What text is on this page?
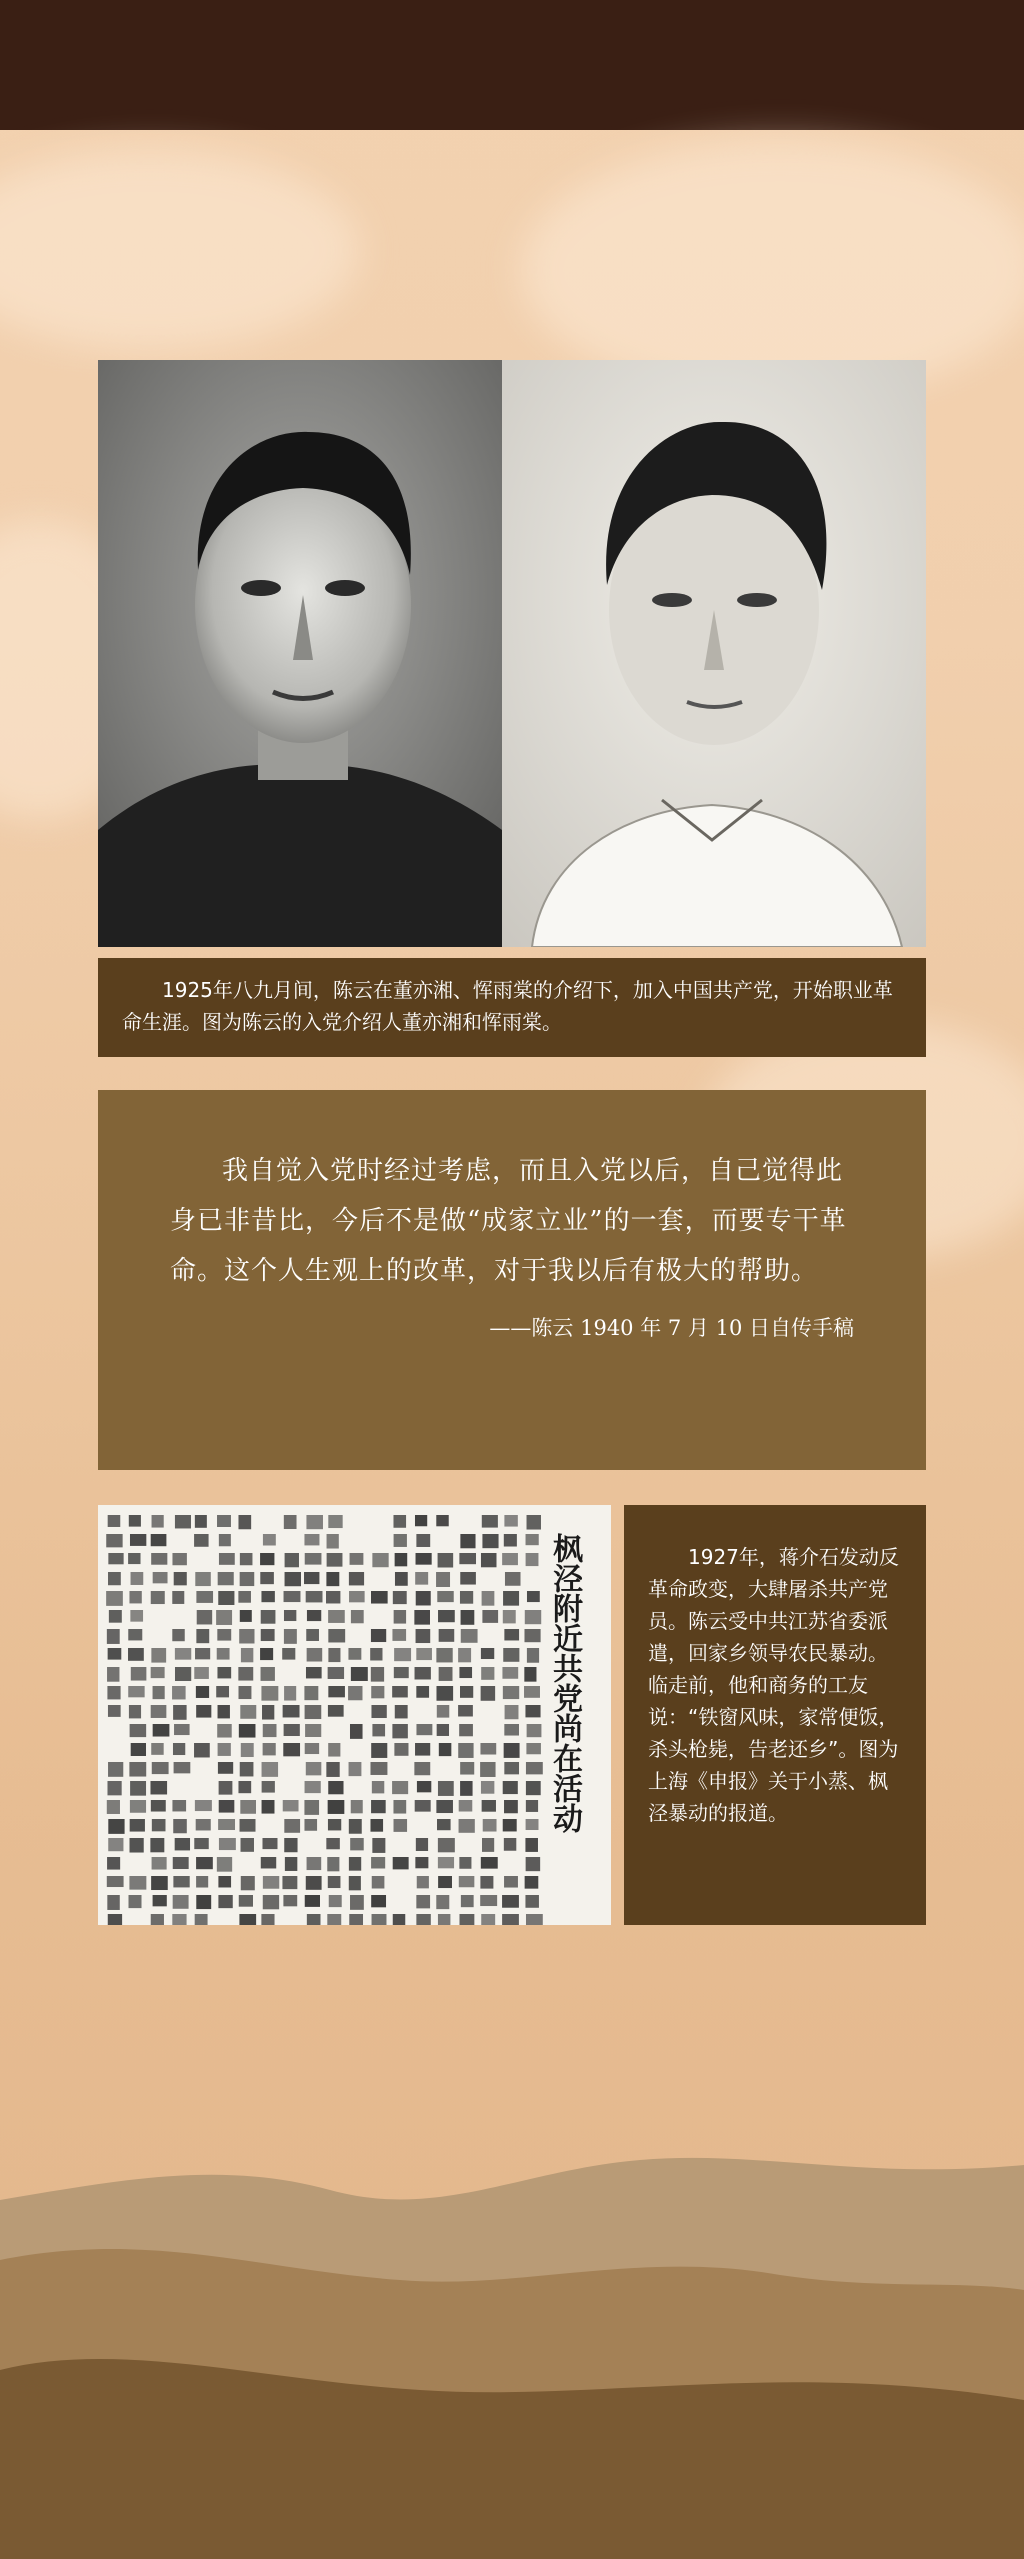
1925年八九月间，陈云在董亦湘、恽雨棠的介绍下，加入中国共产党，开始职业革命生涯。图为陈云的入党介绍人董亦湘和恽雨棠。

我自觉入党时经过考虑，而且入党以后，自己觉得此身已非昔比，今后不是做“成家立业”的一套，而要专干革命。这个人生观上的改革，对于我以后有极大的帮助。

——陈云 1940 年 7 月 10 日自传手稿

枫泾附近共党尚在活动	1927年，蒋介石发动反革命政变，大肆屠杀共产党员。陈云受中共江苏省委派遣，回家乡领导农民暴动。临走前，他和商务的工友说：“铁窗风味，家常便饭，杀头枪毙，告老还乡”。图为上海《申报》关于小蒸、枫泾暴动的报道。
